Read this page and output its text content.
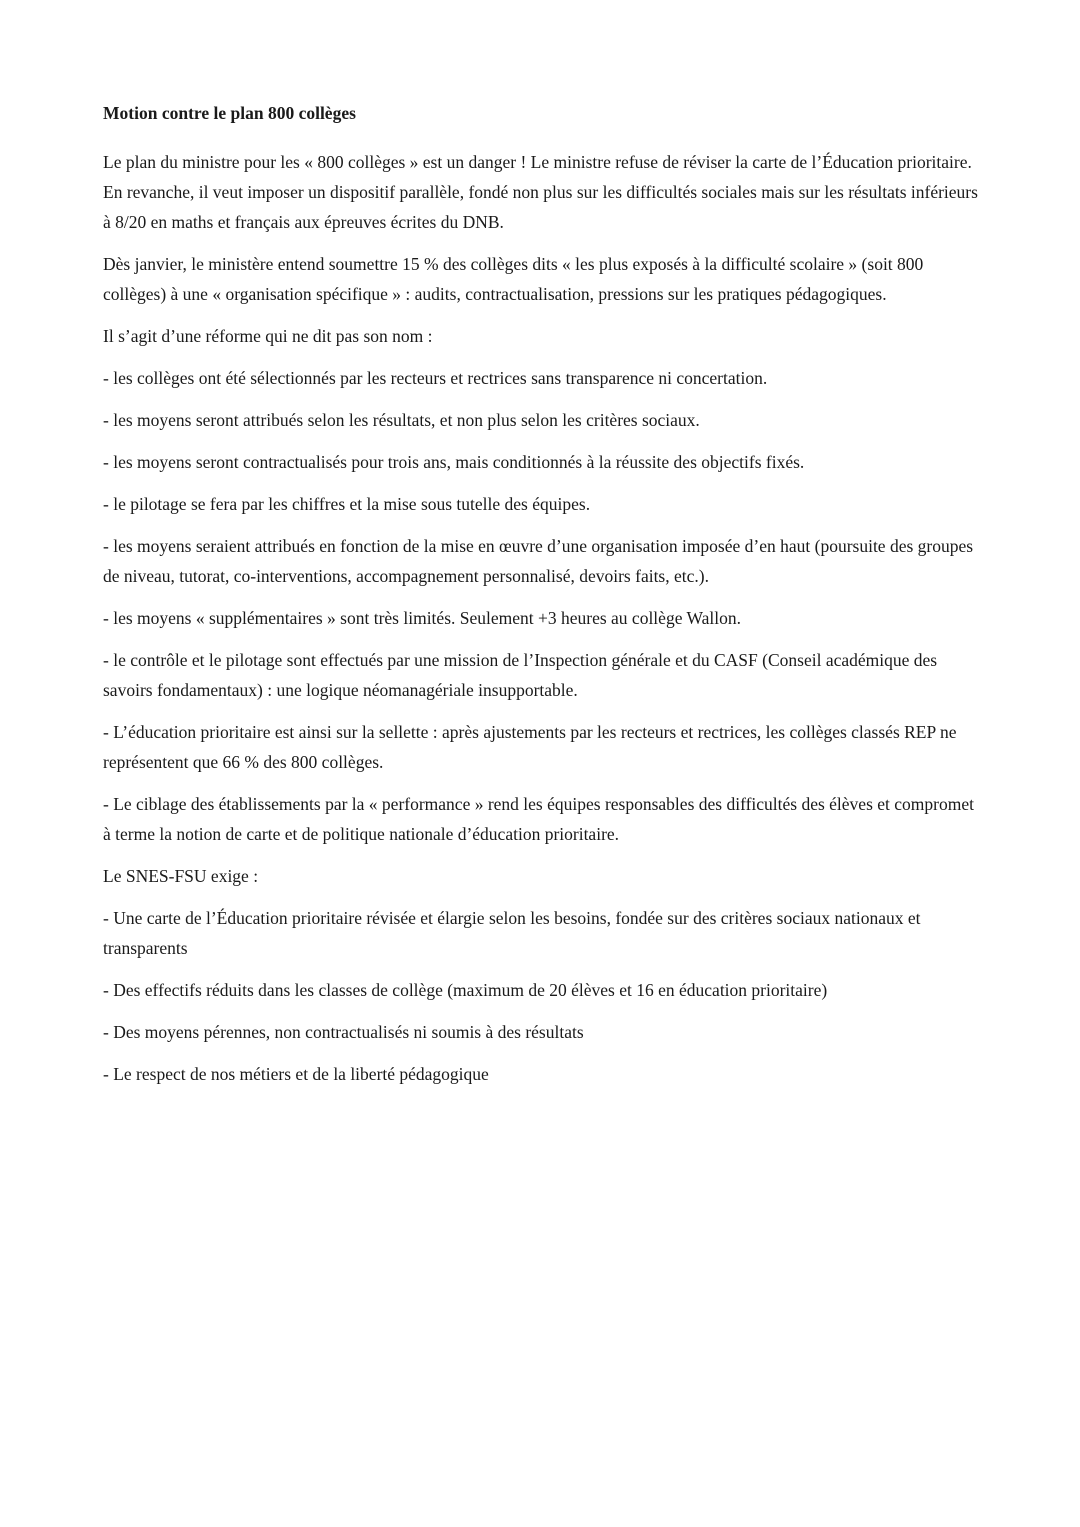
Motion contre le plan 800 collèges

Le plan du ministre pour les « 800 collèges » est un danger ! Le ministre refuse de réviser la carte de l’Éducation prioritaire. En revanche, il veut imposer un dispositif parallèle, fondé non plus sur les difficultés sociales mais sur les résultats inférieurs à 8/20 en maths et français aux épreuves écrites du DNB.

Dès janvier, le ministère entend soumettre 15 % des collèges dits « les plus exposés à la difficulté scolaire » (soit 800 collèges) à une « organisation spécifique » : audits, contractualisation, pressions sur les pratiques pédagogiques.

Il s’agit d’une réforme qui ne dit pas son nom :

- les collèges ont été sélectionnés par les recteurs et rectrices sans transparence ni concertation.

- les moyens seront attribués selon les résultats, et non plus selon les critères sociaux.

- les moyens seront contractualisés pour trois ans, mais conditionnés à la réussite des objectifs fixés.

- le pilotage se fera par les chiffres et la mise sous tutelle des équipes.

- les moyens seraient attribués en fonction de la mise en œuvre d’une organisation imposée d’en haut (poursuite des groupes de niveau, tutorat, co-interventions, accompagnement personnalisé, devoirs faits, etc.).

- les moyens « supplémentaires » sont très limités. Seulement +3 heures au collège Wallon.

- le contrôle et le pilotage sont effectués par une mission de l’Inspection générale et du CASF (Conseil académique des savoirs fondamentaux) : une logique néomanagériale insupportable.

- L’éducation prioritaire est ainsi sur la sellette : après ajustements par les recteurs et rectrices, les collèges classés REP ne représentent que 66 % des 800 collèges.

- Le ciblage des établissements par la « performance » rend les équipes responsables des difficultés des élèves et compromet à terme la notion de carte et de politique nationale d’éducation prioritaire.

Le SNES-FSU exige :

- Une carte de l’Éducation prioritaire révisée et élargie selon les besoins, fondée sur des critères sociaux nationaux et transparents

- Des effectifs réduits dans les classes de collège (maximum de 20 élèves et 16 en éducation prioritaire)

- Des moyens pérennes, non contractualisés ni soumis à des résultats

- Le respect de nos métiers et de la liberté pédagogique
